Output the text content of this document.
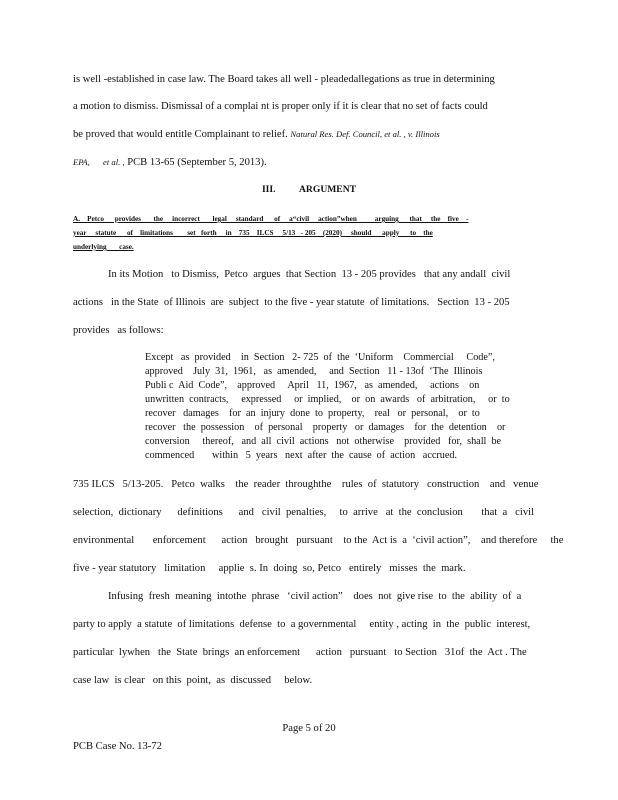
is well -established in case law. The Board takes all well - pleadedallegations as true in determining
a motion to dismiss. Dismissal of a complai nt is proper only if it is clear that no set of facts could
be proved that would entitle Complainant to relief.
Natural Res. Def. Council, et al. , v. Illinois
EPA,
et al. ,
PCB 13-65 (September 5, 2013).
III.          ARGUMENT
A.    Petco      provides       the     incorrect       legal     standard      of     a“civil     action”when          arguing      that     the    five    -
year     statute      of    limitations        set   forth     in    735    ILCS     5/13   - 205    (2020)     should      apply      to    the
underlying       case.
In its Motion   to Dismiss,  Petco  argues  that Section  13 - 205 provides   that any andall  civil
actions   in the State  of Illinois  are  subject  to the five - year statute  of limitations.   Section  13 - 205
provides   as follows:
Except   as  provided    in  Section   2- 725  of  the  ‘Uniform    Commercial     Code”,
approved    July  31,  1961,   as  amended,     and  Section   11 - 13of  ‘The  Illinois
Publi c  Aid  Code”,    approved     April   11,  1967,   as  amended,     actions    on
unwritten  contracts,     expressed     or  implied,    or  on  awards   of  arbitration,     or  to
recover   damages    for  an  injury  done  to  property,    real   or  personal,    or  to
recover   the  possession    of  personal    property   or  damages    for  the  detention    or
conversion     thereof,   and  all  civil  actions   not  otherwise    provided   for,  shall  be
commenced       within   5  years   next  after  the  cause  of  action   accrued.
735 ILCS   5/13-205.   Petco  walks    the  reader  throughthe    rules  of  statutory   construction    and   venue
selection,  dictionary      definitions      and   civil  penalties,     to  arrive   at  the  conclusion       that  a   civil
environmental       enforcement      action   brought   pursuant    to the  Act is  a  ‘civil action”,    and therefore     the
five - year statutory   limitation     applie  s. In  doing  so, Petco   entirely   misses  the  mark.
Infusing  fresh  meaning  intothe  phrase   ‘civil action”    does  not  give rise  to  the  ability  of  a
party to apply  a statute  of limitations  defense  to  a governmental     entity , acting  in  the  public  interest,
particular  lywhen   the  State  brings  an enforcement      action   pursuant   to Section   31of  the  Act . The
case law  is clear   on this  point,  as  discussed     below.
Page 5 of 20
PCB Case No. 13-72
